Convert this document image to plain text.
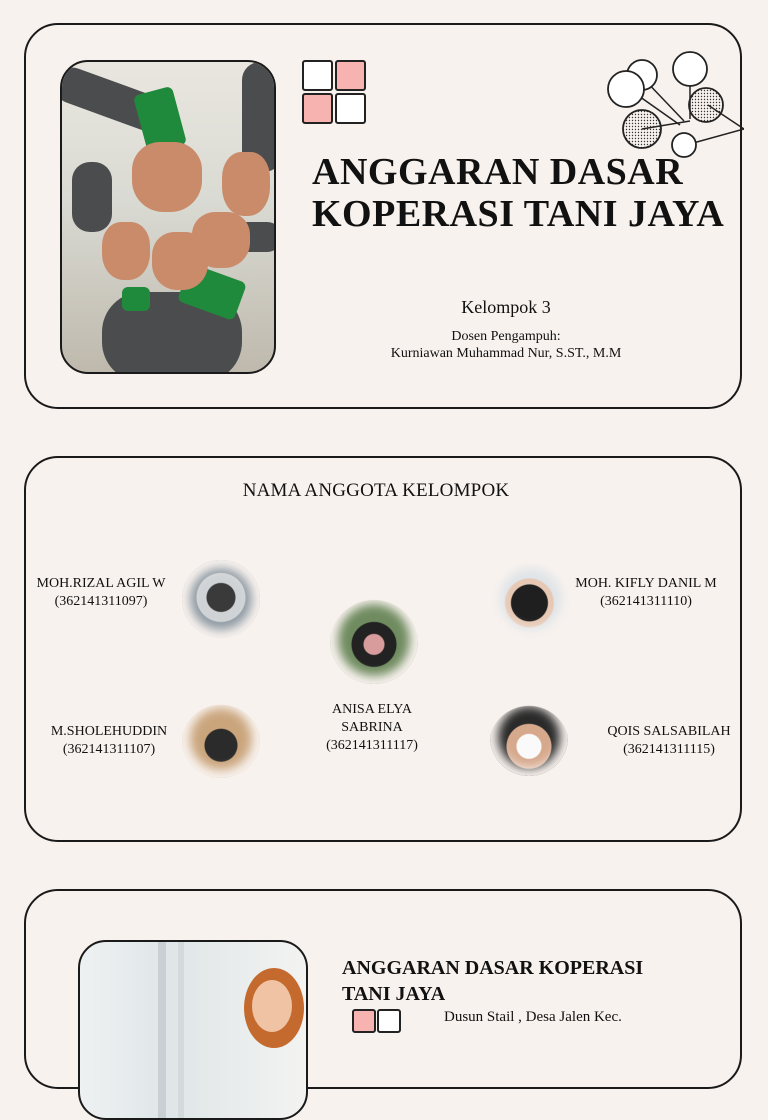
ANGGARAN DASAR KOPERASI TANI JAYA
Kelompok 3
Dosen Pengampuh:
Kurniawan Muhammad Nur, S.ST., M.M
NAMA ANGGOTA KELOMPOK
MOH.RIZAL AGIL W
(362141311097)
MOH. KIFLY DANIL M
(362141311110)
ANISA ELYA SABRINA
(362141311117)
M.SHOLEHUDDIN
(362141311107)
QOIS SALSABILAH
(362141311115)
ANGGARAN DASAR KOPERASI TANI JAYA
Dusun Stail , Desa Jalen Kec.
